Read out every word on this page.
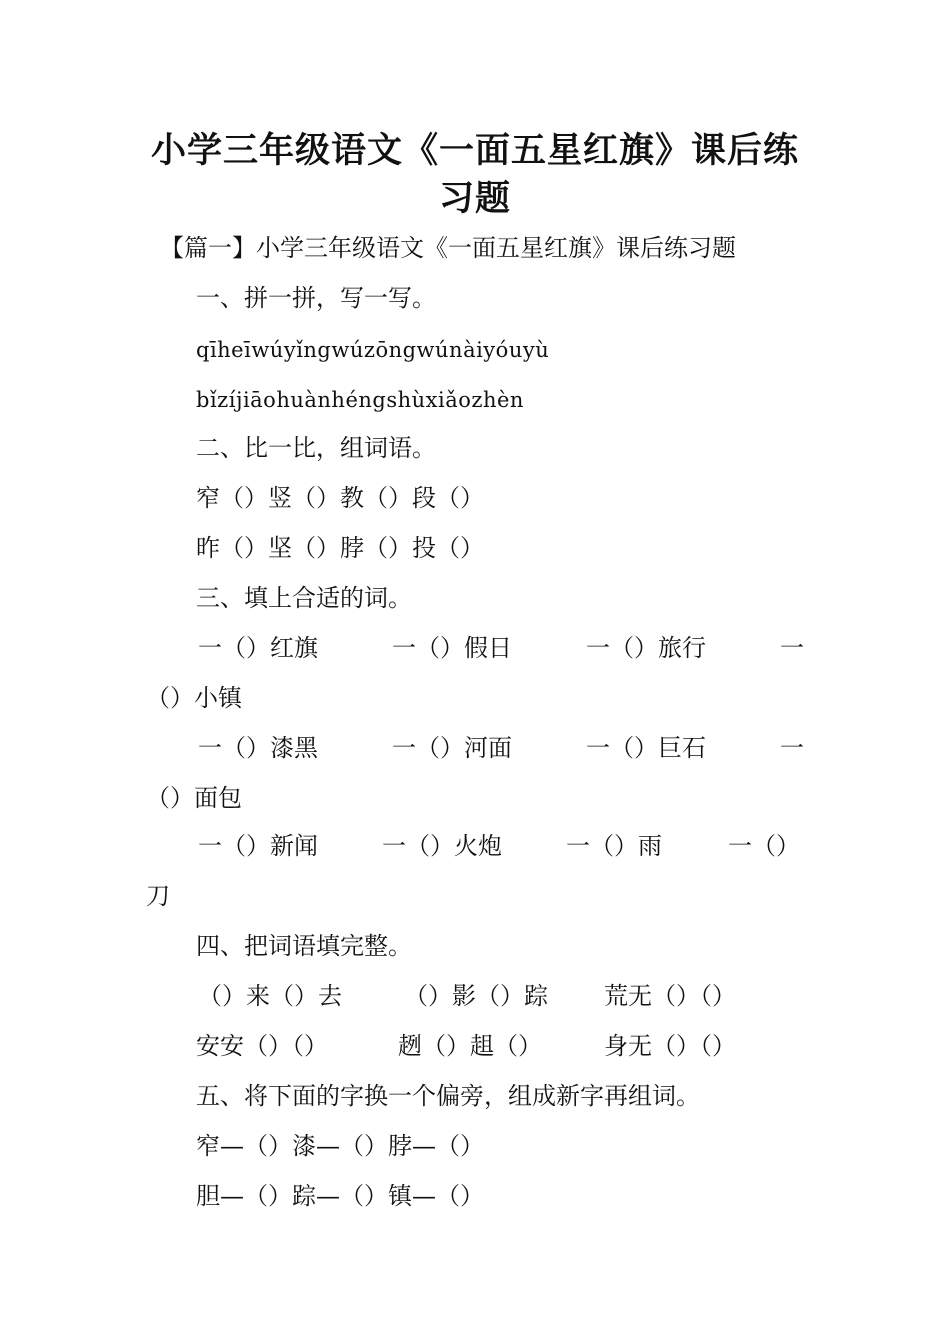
小学三年级语文《一面五星红旗》课后练
习题
【篇一】小学三年级语文《一面五星红旗》课后练习题
一、拼一拼，写一写。
qīheīwúyǐngwúzōngwúnàiyóuyù
bǐzíjiāohuànhéngshùxiǎozhèn
二、比一比，组词语。
窄（）竖（）教（）段（）
昨（）坚（）脖（）投（）
三、填上合适的词。
一（）红旗	一（）假日	一（）旅行	一
（）小镇
一（）漆黑	一（）河面	一（）巨石	一
（）面包
一（）新闻	一（）火炮	一（）雨	一（）
刀
四、把词语填完整。
（）来（）去	（）影（）踪 荒无（）（）
安安（）（）	趔（）趄（）	身无（）（）
五、将下面的字换一个偏旁，组成新字再组词。
窄—（）漆—（）脖—（）
胆—（）踪—（）镇—（）
